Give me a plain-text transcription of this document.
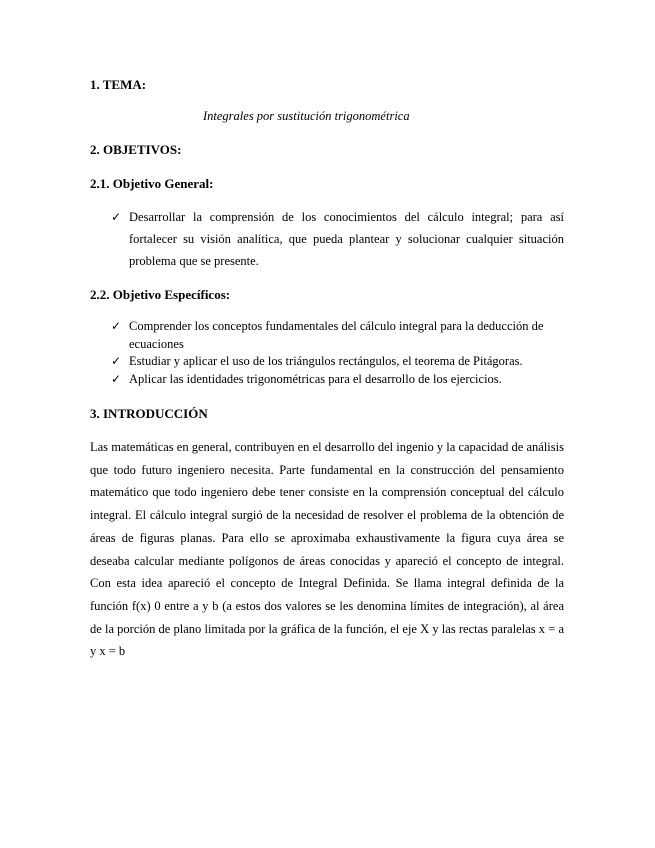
1. TEMA:

Integrales por sustitución trigonométrica

2. OBJETIVOS:

2.1. Objetivo General:

✓ Desarrollar la comprensión de los conocimientos del cálculo integral; para así fortalecer su visión analítica, que pueda plantear y solucionar cualquier situación problema que se presente.

2.2. Objetivo Específicos:

✓ Comprender los conceptos fundamentales del cálculo integral para la deducción de ecuaciones
✓ Estudiar y aplicar el uso de los triángulos rectángulos, el teorema de Pitágoras.
✓ Aplicar las identidades trigonométricas para el desarrollo de los ejercicios.

3. INTRODUCCIÓN

Las matemáticas en general, contribuyen en el desarrollo del ingenio y la capacidad de análisis que todo futuro ingeniero necesita. Parte fundamental en la construcción del pensamiento matemático que todo ingeniero debe tener consiste en la comprensión conceptual del cálculo integral. El cálculo integral surgió de la necesidad de resolver el problema de la obtención de áreas de figuras planas. Para ello se aproximaba exhaustivamente la figura cuya área se deseaba calcular mediante polígonos de áreas conocidas y apareció el concepto de integral. Con esta idea apareció el concepto de Integral Definida. Se llama integral definida de la función f(x) 0 entre a y b (a estos dos valores se les denomina límites de integración), al área de la porción de plano limitada por la gráfica de la función, el eje X y las rectas paralelas x = a y x = b
